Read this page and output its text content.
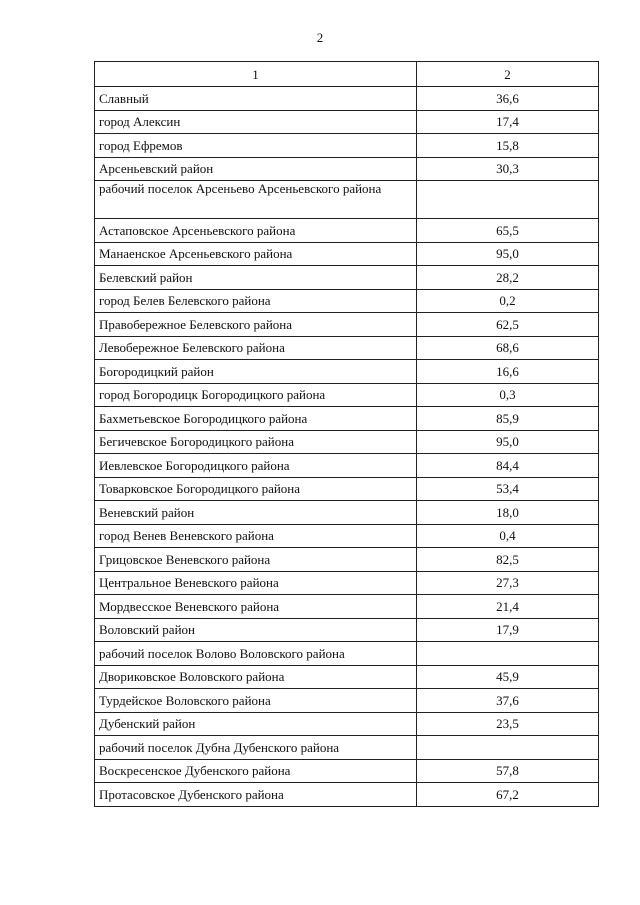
2
1	2
Славный	36,6
город Алексин	17,4
город Ефремов	15,8
Арсеньевский район	30,3
рабочий поселок Арсеньево Арсеньевского района	
Астаповское Арсеньевского района	65,5
Манаенское Арсеньевского района	95,0
Белевский район	28,2
город Белев Белевского района	0,2
Правобережное Белевского района	62,5
Левобережное Белевского района	68,6
Богородицкий район	16,6
город Богородицк Богородицкого района	0,3
Бахметьевское Богородицкого района	85,9
Бегичевское Богородицкого района	95,0
Иевлевское Богородицкого района	84,4
Товарковское Богородицкого района	53,4
Веневский район	18,0
город Венев Веневского района	0,4
Грицовское Веневского района	82,5
Центральное Веневского района	27,3
Мордвесское Веневского района	21,4
Воловский район	17,9
рабочий поселок Волово Воловского района	
Двориковское Воловского района	45,9
Турдейское Воловского района	37,6
Дубенский район	23,5
рабочий поселок Дубна Дубенского района	
Воскресенское Дубенского района	57,8
Протасовское Дубенского района	67,2
